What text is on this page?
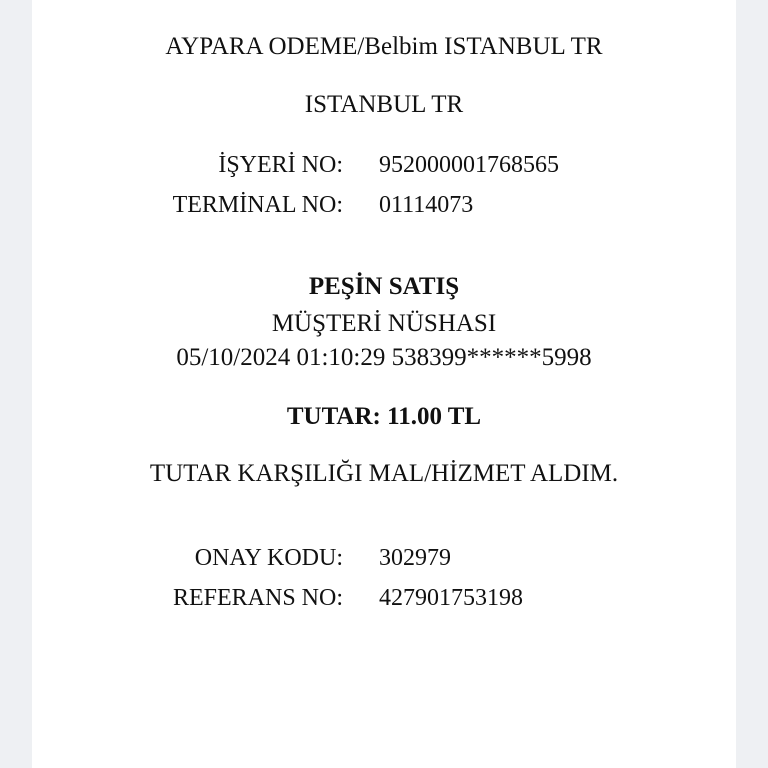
AYPARA ODEME/Belbim ISTANBUL TR
ISTANBUL TR
İŞYERİ NO: 952000001768565
TERMİNAL NO: 01114073
PEŞİN SATIŞ
MÜŞTERİ NÜSHASI
05/10/2024 01:10:29 538399******5998
TUTAR: 11.00 TL
TUTAR KARŞILIĞI MAL/HİZMET ALDIM.
ONAY KODU: 302979
REFERANS NO: 427901753198
